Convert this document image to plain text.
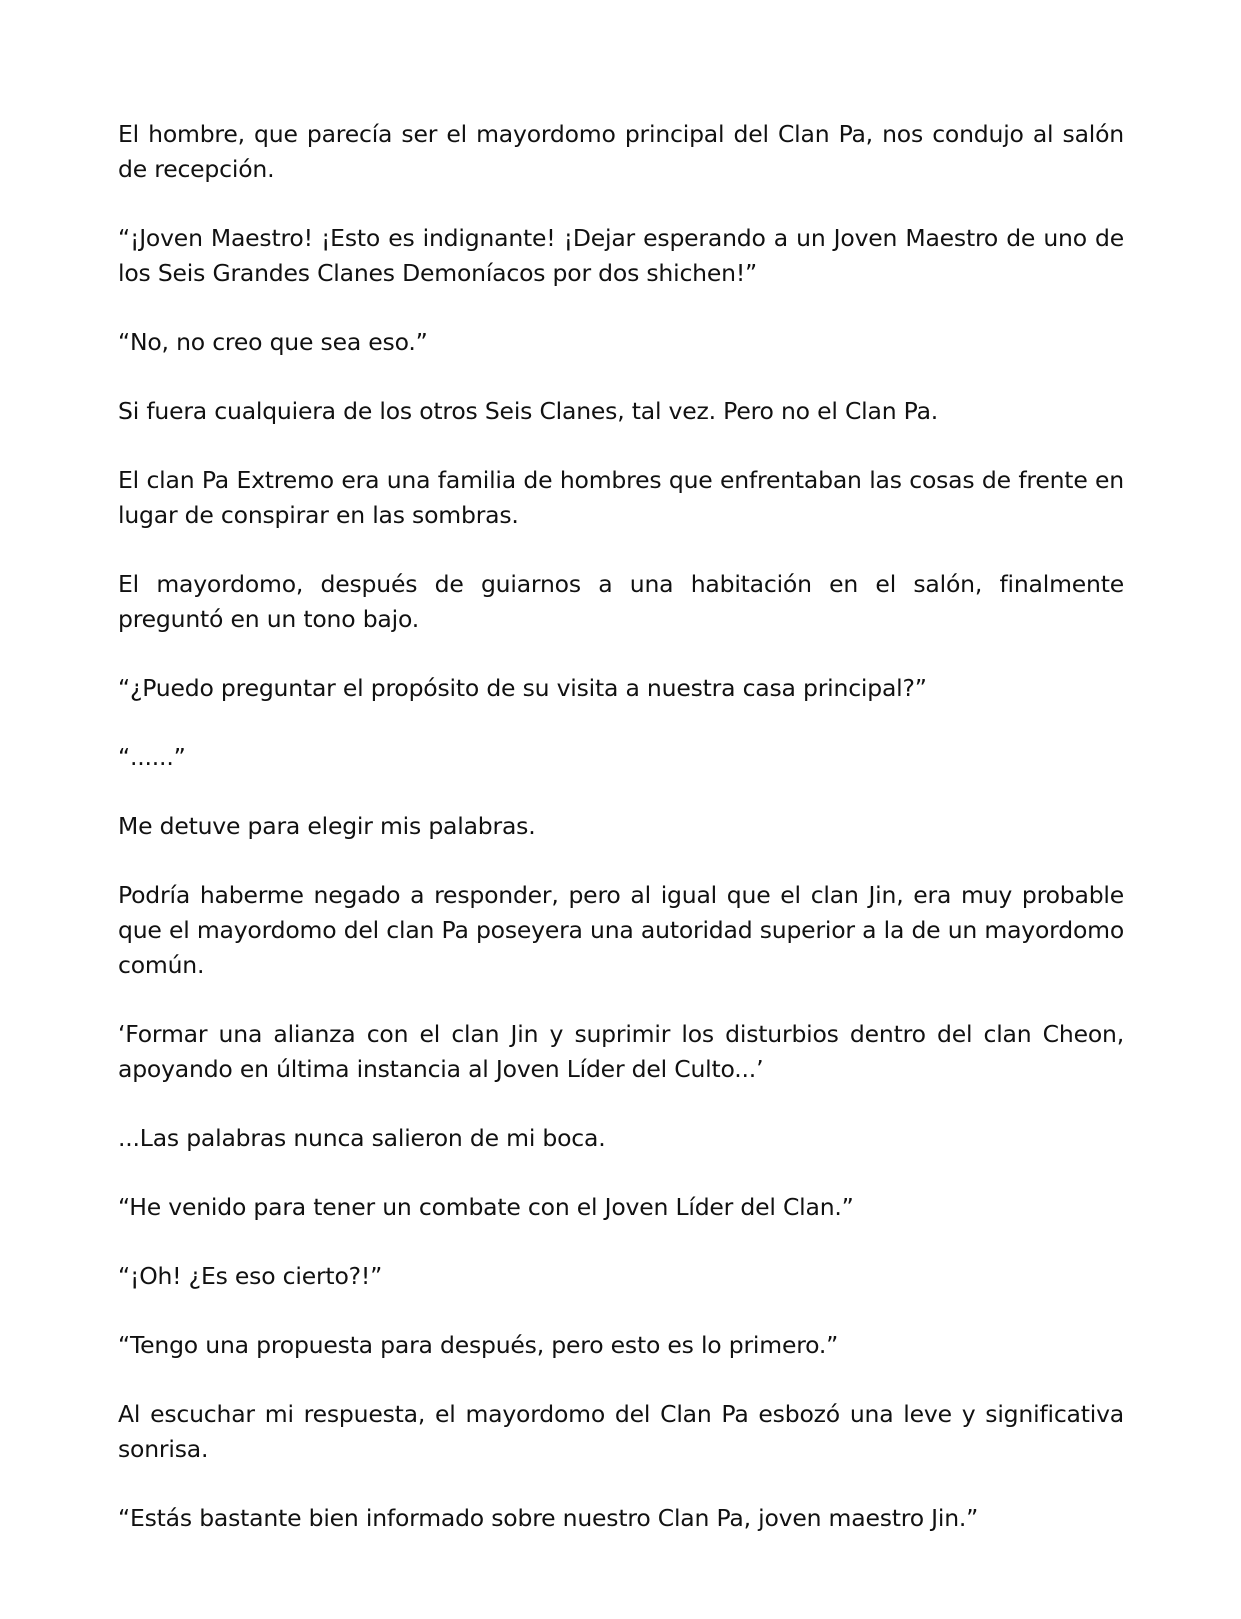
El hombre, que parecía ser el mayordomo principal del Clan Pa, nos condujo al salón de recepción.

“¡Joven Maestro! ¡Esto es indignante! ¡Dejar esperando a un Joven Maestro de uno de los Seis Grandes Clanes Demoníacos por dos shichen!”

“No, no creo que sea eso.”

Si fuera cualquiera de los otros Seis Clanes, tal vez. Pero no el Clan Pa.

El clan Pa Extremo era una familia de hombres que enfrentaban las cosas de frente en lugar de conspirar en las sombras.

El mayordomo, después de guiarnos a una habitación en el salón, finalmente preguntó en un tono bajo.

“¿Puedo preguntar el propósito de su visita a nuestra casa principal?”

“......”

Me detuve para elegir mis palabras.

Podría haberme negado a responder, pero al igual que el clan Jin, era muy probable que el mayordomo del clan Pa poseyera una autoridad superior a la de un mayordomo común.

‘Formar una alianza con el clan Jin y suprimir los disturbios dentro del clan Cheon, apoyando en última instancia al Joven Líder del Culto...’

...Las palabras nunca salieron de mi boca.

“He venido para tener un combate con el Joven Líder del Clan.”

“¡Oh! ¿Es eso cierto?!”

“Tengo una propuesta para después, pero esto es lo primero.”

Al escuchar mi respuesta, el mayordomo del Clan Pa esbozó una leve y significativa sonrisa.

“Estás bastante bien informado sobre nuestro Clan Pa, joven maestro Jin.”
